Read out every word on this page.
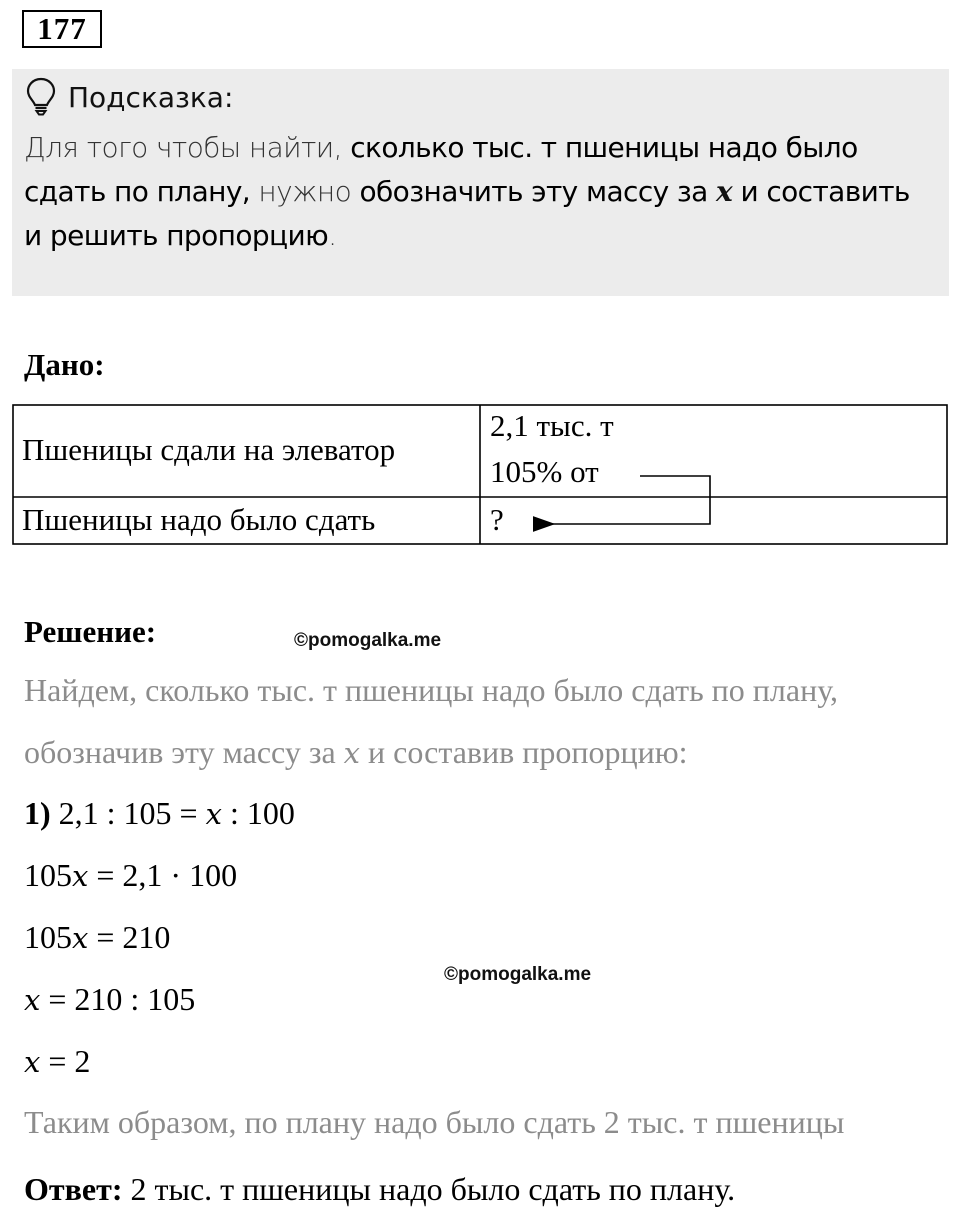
177
Подсказка:
Для того чтобы найти, сколько тыс. т пшеницы надо было сдать по плану, нужно обозначить эту массу за x и составить и решить пропорцию.
Дано:
Пшеницы сдали на элеватор
2,1 тыс. т
105% от
Пшеницы надо было сдать	?
Решение:	©pomogalka.me
Найдем, сколько тыс. т пшеницы надо было сдать по плану,
обозначив эту массу за x и составив пропорцию:
1) 2,1 : 105 = x : 100
105x = 2,1 · 100
105x = 210
©pomogalka.me
x = 210 : 105
x = 2
Таким образом, по плану надо было сдать 2 тыс. т пшеницы
Ответ: 2 тыс. т пшеницы надо было сдать по плану.
